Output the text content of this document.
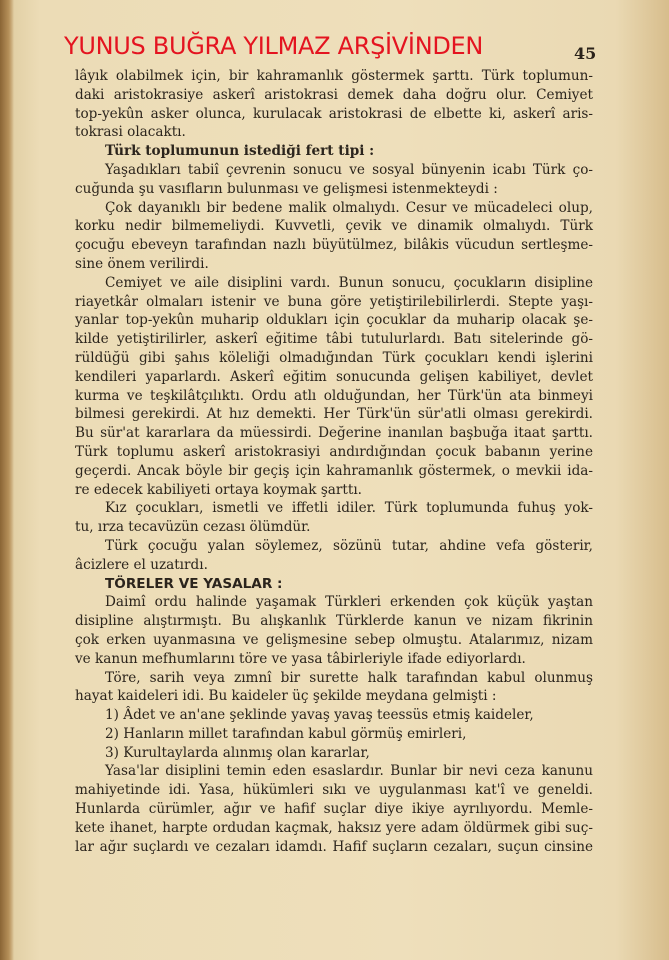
YUNUS BUĞRA YILMAZ ARŞİVİNDEN	45

lâyık olabilmek için, bir kahramanlık göstermek şarttı. Türk toplumun-

daki aristokrasiye askerî aristokrasi demek daha doğru olur. Cemiyet

top-yekûn asker olunca, kurulacak aristokrasi de elbette ki, askerî aris-

tokrasi olacaktı.

Türk toplumunun istediği fert tipi :

Yaşadıkları tabiî çevrenin sonucu ve sosyal bünyenin icabı Türk ço-

cuğunda şu vasıfların bulunması ve gelişmesi istenmekteydi :

Çok dayanıklı bir bedene malik olmalıydı. Cesur ve mücadeleci olup,

korku nedir bilmemeliydi. Kuvvetli, çevik ve dinamik olmalıydı. Türk

çocuğu ebeveyn tarafından nazlı büyütülmez, bilâkis vücudun sertleşme-

sine önem verilirdi.

Cemiyet ve aile disiplini vardı. Bunun sonucu, çocukların disipline

riayetkâr olmaları istenir ve buna göre yetiştirilebilirlerdi. Stepte yaşı-

yanlar top-yekûn muharip oldukları için çocuklar da muharip olacak şe-

kilde yetiştirilirler, askerî eğitime tâbi tutulurlardı. Batı sitelerinde gö-

rüldüğü gibi şahıs köleliği olmadığından Türk çocukları kendi işlerini

kendileri yaparlardı. Askerî eğitim sonucunda gelişen kabiliyet, devlet

kurma ve teşkilâtçılıktı. Ordu atlı olduğundan, her Türk'ün ata binmeyi

bilmesi gerekirdi. At hız demekti. Her Türk'ün sür'atli olması gerekirdi.

Bu sür'at kararlara da müessirdi. Değerine inanılan başbuğa itaat şarttı.

Türk toplumu askerî aristokrasiyi andırdığından çocuk babanın yerine

geçerdi. Ancak böyle bir geçiş için kahramanlık göstermek, o mevkii ida-

re edecek kabiliyeti ortaya koymak şarttı.

Kız çocukları, ismetli ve iffetli idiler. Türk toplumunda fuhuş yok-

tu, ırza tecavüzün cezası ölümdür.

Türk çocuğu yalan söylemez, sözünü tutar, ahdine vefa gösterir,

âcizlere el uzatırdı.

TÖRELER VE YASALAR :

Daimî ordu halinde yaşamak Türkleri erkenden çok küçük yaştan

disipline alıştırmıştı. Bu alışkanlık Türklerde kanun ve nizam fikrinin

çok erken uyanmasına ve gelişmesine sebep olmuştu. Atalarımız, nizam

ve kanun mefhumlarını töre ve yasa tâbirleriyle ifade ediyorlardı.

Töre, sarih veya zımnî bir surette halk tarafından kabul olunmuş

hayat kaideleri idi. Bu kaideler üç şekilde meydana gelmişti :

1) Âdet ve an'ane şeklinde yavaş yavaş teessüs etmiş kaideler,

2) Hanların millet tarafından kabul görmüş emirleri,

3) Kurultaylarda alınmış olan kararlar,

Yasa'lar disiplini temin eden esaslardır. Bunlar bir nevi ceza kanunu

mahiyetinde idi. Yasa, hükümleri sıkı ve uygulanması kat'î ve geneldi.

Hunlarda cürümler, ağır ve hafif suçlar diye ikiye ayrılıyordu. Memle-

kete ihanet, harpte ordudan kaçmak, haksız yere adam öldürmek gibi suç-

lar ağır suçlardı ve cezaları idamdı. Hafif suçların cezaları, suçun cinsine
